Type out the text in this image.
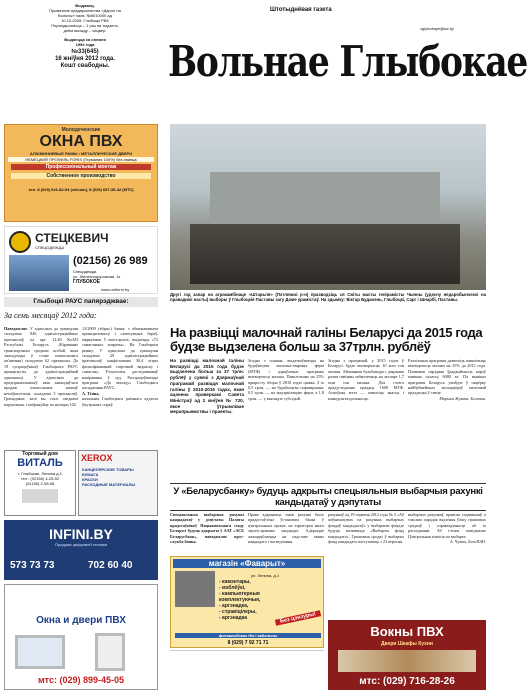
Выдавец:
Прыватнае прадпрыемства «Дарогі на
Вольны» пасв. №8010000 ад
10.10.2005. Глыбоцкі РВК
Перыядычнасць – 1 раз на тыдзень,
днём выхаду – чацвер.
Выдаецца са снежня
1994 года
№33(645)
16 жніўня 2012 года.
Кошт свабодны.
Штотыднёвая газета
vglybokaye@tut.by
Вольнае Глыбокае
Молодеченские
ОКНА ПВХ
АЛЮМИНИЕВЫЕ РАМЫ • МЕТАЛЛИЧЕСКИЕ ДВЕРИ
НЕМЕЦКИЙ ПРОФИЛЬ FORIS (Германия 100%) без свинца
Профессиональный монтаж
Собственное производство
тел. 8 (029) 641-82-94 (velcom), 8 (029) 657-35-42 (МТС)
СТЕЦКЕВИЧ
СПЕЦОДЕЖДА
(02156) 26 989
Спецодежда
ул. Железнодорожная, 1к
ГЛУБОКОЕ
www.uniform.by
Другі год запар на агракамбінаце «Штарьля» (Пэтлевскі р-н) празводзіць ся Світы масты генірамісты Чынны (удзелу недаробынческі на праваднікі насты) выборы ў Глыбоцкія Паставы загу Доме урамістаў. На здымку: Віктар Буданэнь, Глыбоцкі, Сарг і Шнарбі, Паставы.
Глыбоцкі РАУС папярэджвае:
За семь месяцаў 2012 года:
Паведамляе. У адносінах да грамадзян складзена 846 адміністрацыйных пратаколаў, па арт. 12.48 КоАП Рэспублікі Беларусь (Кіраванне транспартным сродкам асобай, якая знаходзіцца ў стане алкагольнага ап'янення) складзена 62 пратаколы. Да 19 супрацоўнікаў Глыбоцкага РАУС прыцягнуты да адміністрацыйнай адказнасці. У адносінах да прадпрымальнікаў, якія ажыццяўлялі продаж алкагольных напояў непаўналетнім, складзена 5 пратаколаў. Грамадзяне, калі вы сталі сведкамі парушэння, тэлефануйце па нумары 102.
13/2009 (абрыс) бачна: з абмежаваннем прынцыповасці і саматужных бараў, мяркуемна 5 маістэрскіх, выдаецца «72 самагонных апараты». На Глыбоцкім рынку: У адносінах да грамадзян складзена 29 адміністрацыйных пратаколаў, канфіскавана 30,4 літры фальсіфікаванай спіртавой вадкасці і самагону. Рэзультаты даследаванняў накіраваны ў суд. Распрацоўваецца праграма «Да выхаду» Глыбоцкага пасяджэння РАУС.
А. Тізіна,
начальнік Глыбоцкага раённага аддзела ўнутраных спраў.
На развіцці малочнай галіны Беларусі да 2015 года будзе выдзелена больш за 37трлн. рублёў
На развіцці малочнай галіны Беларусі да 2015 года будзе выдзелена больш за 37 трлн. рублёў у сувязі з Дзяржаўнай праграмай развіцця малочнай галіны ў 2010-2015 гадах, якая ацэнена праверкамі Савета Міністраў ад 2 жніўня № 720, якое ўтрымлівае мерапрыемствы і праекты.
Згодна з планам, выдаткоўваецца на будаўніцтва малочна-тварных ферм (МТФ) і аднаўленне праграмы вытворчасці малака. Павелічэнне на 25% прыросту зборы ў 2010 годзе цяжка. З іх 0,5 трлн. — на будаўніцтва сыраварэння, 0,5 трлн. — на мадэрнізацыю ферм, а 1,8 трлн. — у выглядзе субсідый.
Згодна з праграмай, у 2015 годзе ў Беларусі будзе вытворчасць 10 млн тон малака. Айчынныя бульбаводы і дзяржава разам павінны забяспечыць на экспарт 1,7 млн тон малака. Для гэтага прадугледжана прадаць 1600 МТФ. Асноўная мэта — павысіць якасць і канкурэнтаздольнасць.
Рэалізацыя праграмы дазволіць павялічыць вытворчасць малака на 35% да 2015 года. Планавая сярэдняя ўраджайнасць кароў павінна скласці 6000 кг. Па выніках праграмы Беларусь увойдзе ў пяцёрку найбуйнейшых экспарцёраў малочнай прадукцыі ў свеце.
Марына Жукава, Белапан.
Торговый дом
ВИТАЛЬ
г. Глыбокае, Ленина д.1
тел.: (02156) 4-25-52
(02156) 2-98-58
XEROX
КАНЦЕЛЯРСКИЕ ТОВАРЫ
БУМАГА
КРАСКИ
РАСХОДНЫЕ МАТЕРИАЛЫ
INFINI.BY
Продажа цифровой техники
573 73 73	702 60 40
У «Беларусбанку» будуць адкрыты спецыяльныя выбарчыя рахункі кандыдатаў у дэпутаты
Спецыяльныя выбарчыя рахункі кандыдатаў у дэпутаты Палаты прадстаўнікоў Нацыянальнага сходу Беларусі будуць адкрыты ў ААТ «АСБ Беларусбанк», паведамляе прэс-служба банка.
Права адкрываць такія рахункі было прадастаўлена ўстановам банка ў цэнтральным органе, на тэрыторыі якога зарэгістраваны кандыдат. Адкрыццё ажыццяўляецца на падставе заявы кандыдата і пасведчання.
рахункаў ад 19 чэрвеня 2012 года № 3 «Аб паўнамоцтвах па рахунках выбарчых фондаў кандыдатаў» у выбарчым фондзе будуць называцца «Выбарчы фонд кандыдата». Грашовыя сродкі ў выбарчы фонд кандыдата паступаюць з 23 верасня.
выбарчых рахункаў, правілы гадаванняў, а таксама парадак вядзення ўліку грашовых сродкаў і справаздачнасці аб іх расходванні. Аб гэтым паведамляе Цэнтральная камісія па выбарах.
А. Чумак, БелаПАН.
магазін «Фаварыт»
ул. Ленина, д.1
- камэнтары,
- мэблёўкі,
- кампьютерныя
комплектуючыя,
- аргэнадка,
- стравіцілеры,
- аргэнадка	Без цэнзуры!
фотаальбомы Нік і кабэльны
8 (029) 7 92 71 71
Окна и двери ПВХ
мтс: (029) 899-45-05
Вокны ПВХ
Двери Шкафы Кухни
мтс: (029) 716-28-26
